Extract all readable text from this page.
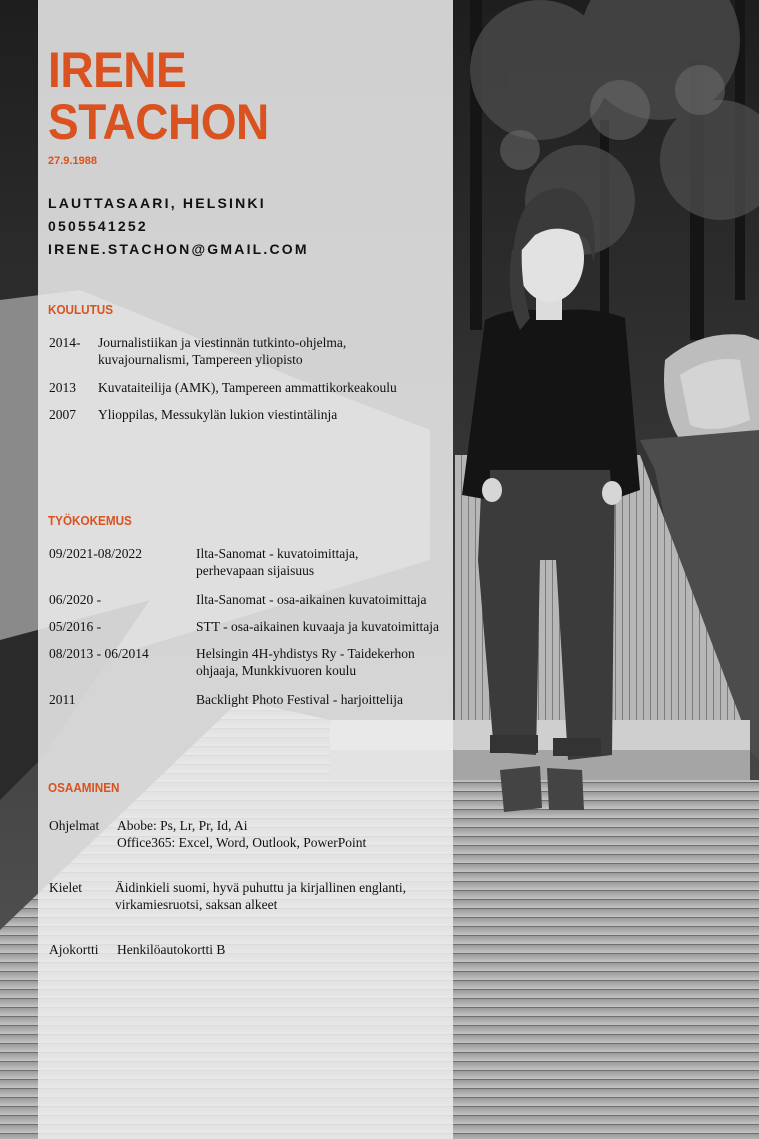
IRENE
STACHON
27.9.1988
LAUTTASAARI, HELSINKI
0505541252
IRENE.STACHON@GMAIL.COM
KOULUTUS
2014- Journalistiikan ja viestinnän tutkinto-ohjelma,
kuvajournalismi, Tampereen yliopisto
2013 Kuvataiteilija (AMK), Tampereen ammattikorkeakoulu
2007 Ylioppilas, Messukylän lukion viestintälinja
TYÖKOKEMUS
09/2021-08/2022	Ilta-Sanomat - kuvatoimittaja,
perhevapaan sijaisuus
06/2020 -	Ilta-Sanomat - osa-aikainen kuvatoimittaja
05/2016 -	STT - osa-aikainen kuvaaja ja kuvatoimittaja
08/2013 - 06/2014	Helsingin 4H-yhdistys Ry - Taidekerhon
ohjaaja, Munkkivuoren koulu
2011	Backlight Photo Festival - harjoittelija
OSAAMINEN
Ohjelmat Abobe: Ps, Lr, Pr, Id, Ai
Office365: Excel, Word, Outlook, PowerPoint
Kielet Äidinkieli suomi, hyvä puhuttu ja kirjallinen englanti,
virkamiesruotsi, saksan alkeet
Ajokortti Henkilöautokortti B
